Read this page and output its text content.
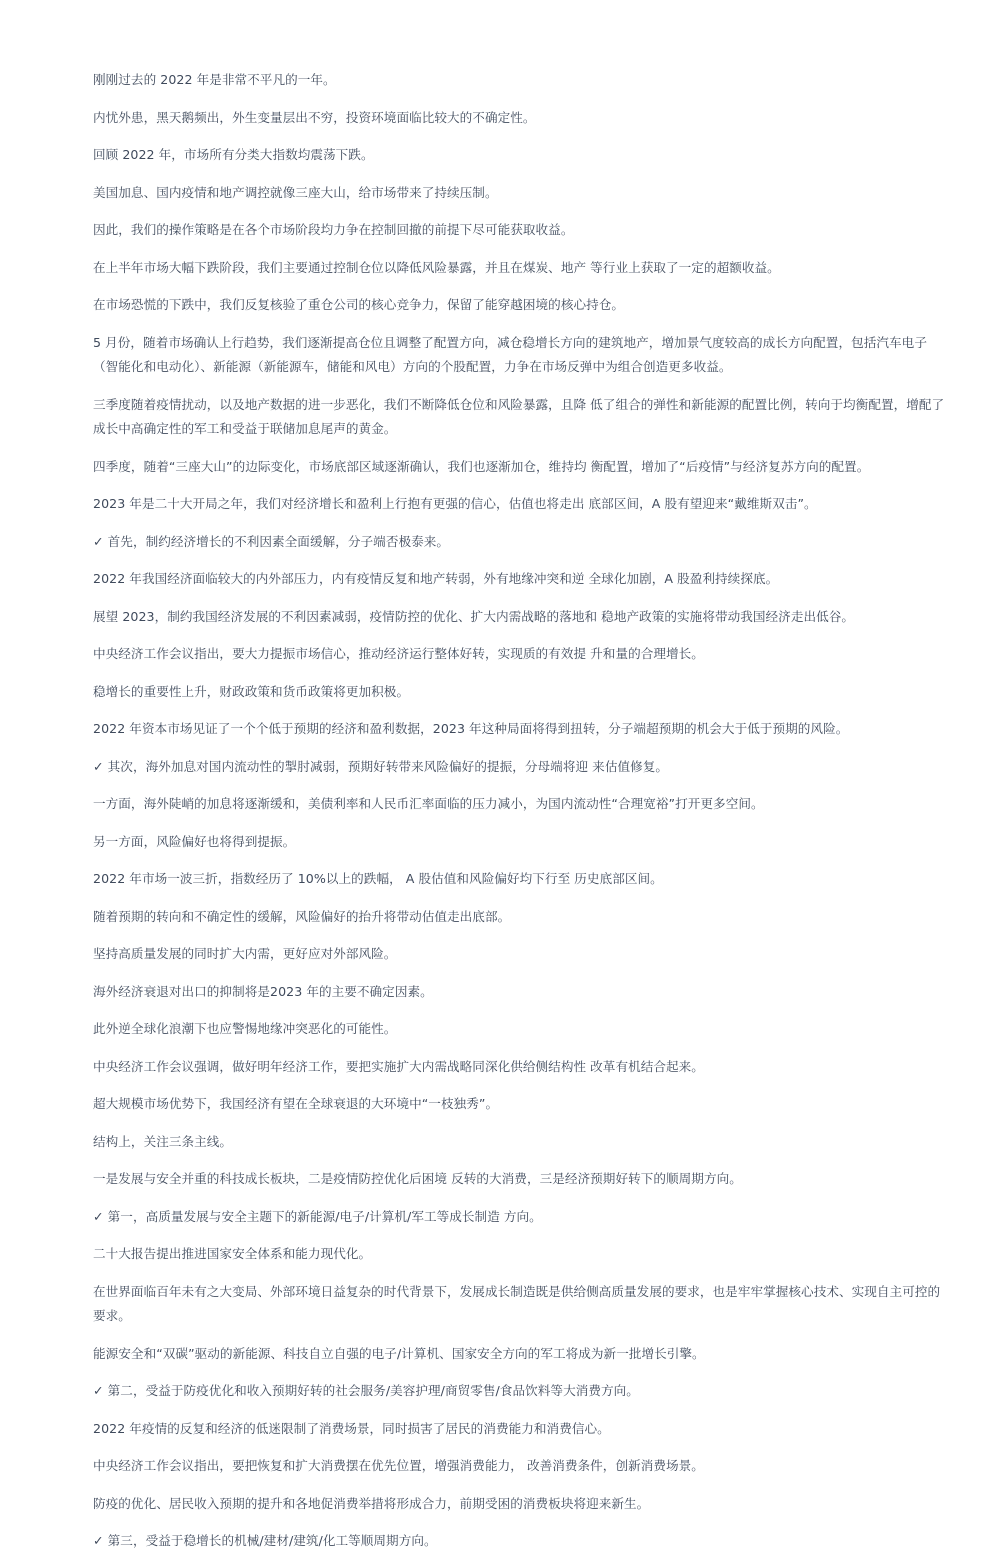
刚刚过去的 2022 年是非常不平凡的一年。

内忧外患，黑天鹅频出，外生变量层出不穷，投资环境面临比较大的不确定性。

回顾 2022 年，市场所有分类大指数均震荡下跌。

美国加息、国内疫情和地产调控就像三座大山，给市场带来了持续压制。

因此，我们的操作策略是在各个市场阶段均力争在控制回撤的前提下尽可能获取收益。

在上半年市场大幅下跌阶段，我们主要通过控制仓位以降低风险暴露，并且在煤炭、地产 等行业上获取了一定的超额收益。

在市场恐慌的下跌中，我们反复核验了重仓公司的核心竞争力，保留了能穿越困境的核心持仓。

5 月份，随着市场确认上行趋势，我们逐渐提高仓位且调整了配置方向，减仓稳增长方向的建筑地产，增加景气度较高的成长方向配置，包括汽车电子（智能化和电动化）、新能源（新能源车，储能和风电）方向的个股配置，力争在市场反弹中为组合创造更多收益。

三季度随着疫情扰动，以及地产数据的进一步恶化，我们不断降低仓位和风险暴露，且降 低了组合的弹性和新能源的配置比例，转向于均衡配置，增配了成长中高确定性的军工和受益于联储加息尾声的黄金。

四季度，随着“三座大山”的边际变化，市场底部区域逐渐确认，我们也逐渐加仓，维持均 衡配置，增加了“后疫情”与经济复苏方向的配置。

2023 年是二十大开局之年，我们对经济增长和盈利上行抱有更强的信心，估值也将走出 底部区间，A 股有望迎来“戴维斯双击”。

✓ 首先，制约经济增长的不利因素全面缓解，分子端否极泰来。

2022 年我国经济面临较大的内外部压力，内有疫情反复和地产转弱，外有地缘冲突和逆 全球化加剧，A 股盈利持续探底。

展望 2023，制约我国经济发展的不利因素减弱，疫情防控的优化、扩大内需战略的落地和 稳地产政策的实施将带动我国经济走出低谷。

中央经济工作会议指出，要大力提振市场信心，推动经济运行整体好转，实现质的有效提 升和量的合理增长。

稳增长的重要性上升，财政政策和货币政策将更加积极。

2022 年资本市场见证了一个个低于预期的经济和盈利数据，2023 年这种局面将得到扭转，分子端超预期的机会大于低于预期的风险。

✓ 其次，海外加息对国内流动性的掣肘减弱，预期好转带来风险偏好的提振，分母端将迎 来估值修复。

一方面，海外陡峭的加息将逐渐缓和，美债利率和人民币汇率面临的压力减小，为国内流动性“合理宽裕”打开更多空间。

另一方面，风险偏好也将得到提振。

2022 年市场一波三折，指数经历了 10%以上的跌幅， A 股估值和风险偏好均下行至 历史底部区间。

随着预期的转向和不确定性的缓解，风险偏好的抬升将带动估值走出底部。

坚持高质量发展的同时扩大内需，更好应对外部风险。

海外经济衰退对出口的抑制将是2023 年的主要不确定因素。

此外逆全球化浪潮下也应警惕地缘冲突恶化的可能性。

中央经济工作会议强调，做好明年经济工作，要把实施扩大内需战略同深化供给侧结构性 改革有机结合起来。

超大规模市场优势下，我国经济有望在全球衰退的大环境中“一枝独秀”。

结构上，关注三条主线。

一是发展与安全并重的科技成长板块，二是疫情防控优化后困境 反转的大消费，三是经济预期好转下的顺周期方向。

✓ 第一，高质量发展与安全主题下的新能源/电子/计算机/军工等成长制造 方向。

二十大报告提出推进国家安全体系和能力现代化。

在世界面临百年未有之大变局、外部环境日益复杂的时代背景下，发展成长制造既是供给侧高质量发展的要求，也是牢牢掌握核心技术、实现自主可控的要求。

能源安全和“双碳”驱动的新能源、科技自立自强的电子/计算机、国家安全方向的军工将成为新一批增长引擎。

✓ 第二，受益于防疫优化和收入预期好转的社会服务/美容护理/商贸零售/食品饮料等大消费方向。

2022 年疫情的反复和经济的低迷限制了消费场景，同时损害了居民的消费能力和消费信心。

中央经济工作会议指出，要把恢复和扩大消费摆在优先位置，增强消费能力， 改善消费条件，创新消费场景。

防疫的优化、居民收入预期的提升和各地促消费举措将形成合力，前期受困的消费板块将迎来新生。

✓ 第三，受益于稳增长的机械/建材/建筑/化工等顺周期方向。
